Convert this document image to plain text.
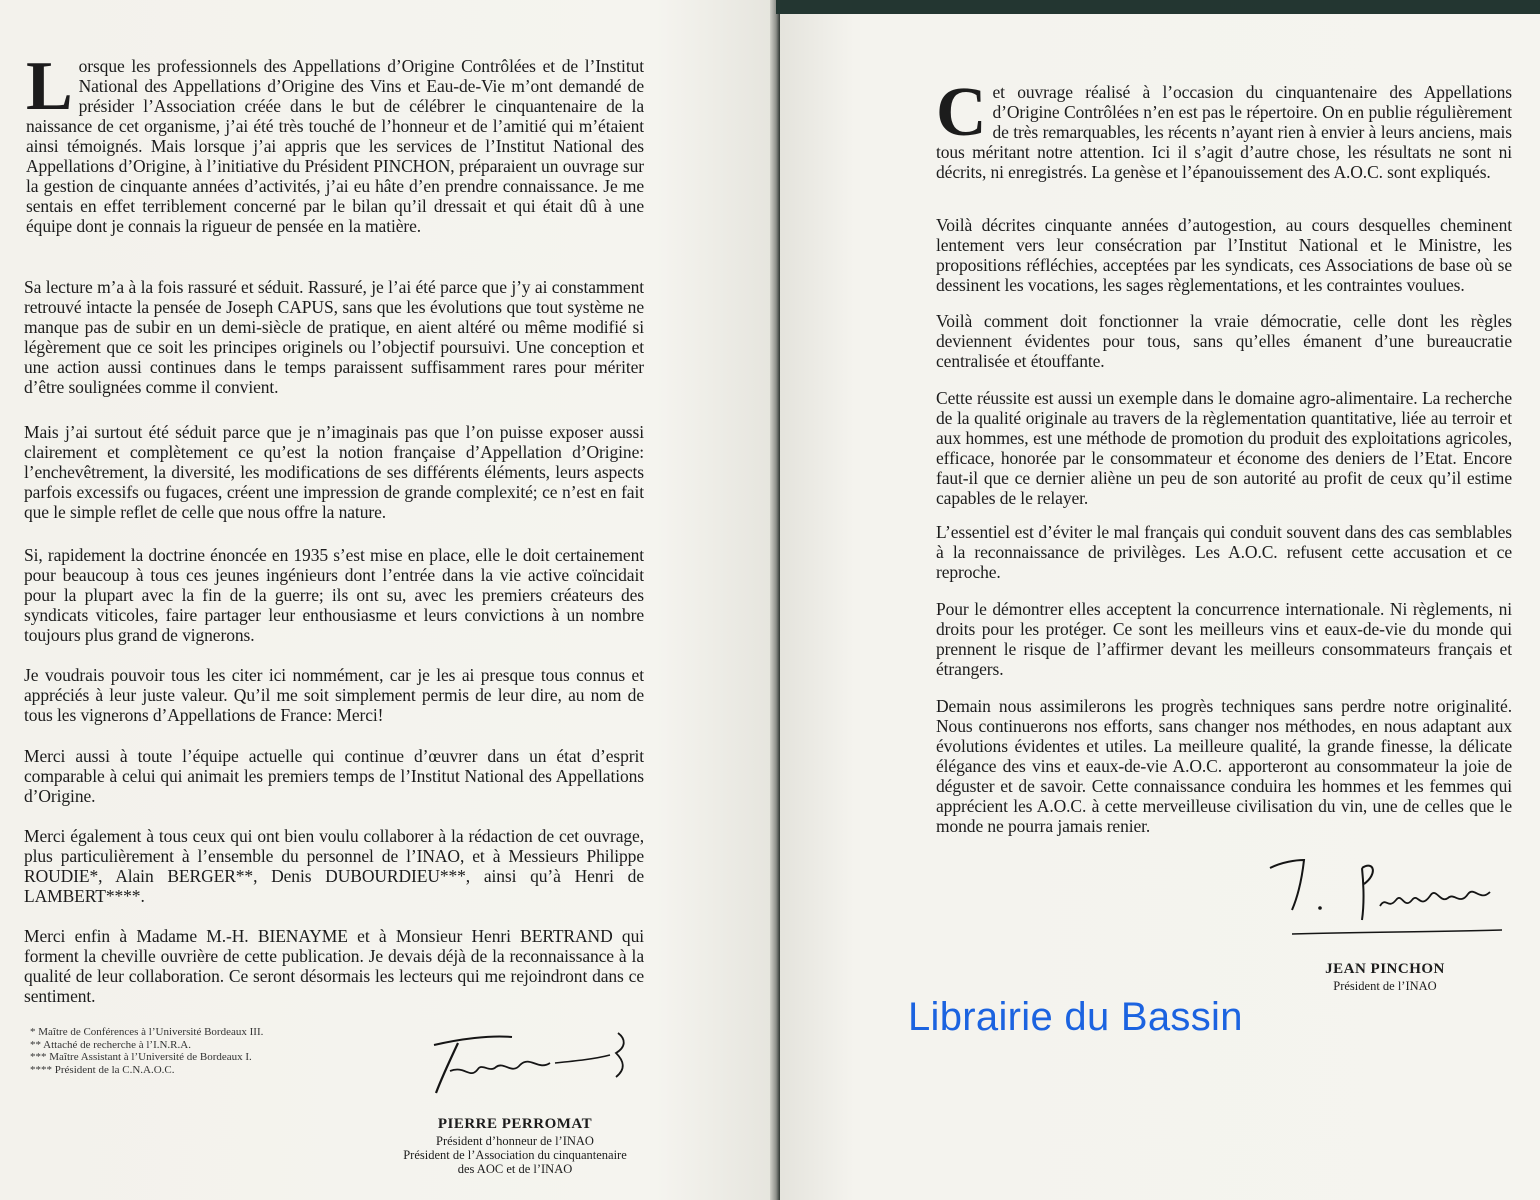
Lorsque les professionnels des Appellations d’Origine Contrôlées et de l’Institut National des Appellations d’Origine des Vins et Eau-de-Vie m’ont demandé de présider l’Association créée dans le but de célébrer le cinquantenaire de la naissance de cet organisme, j’ai été très touché de l’honneur et de l’amitié qui m’étaient ainsi témoignés. Mais lorsque j’ai appris que les services de l’Institut National des Appellations d’Origine, à l’initiative du Président PINCHON, préparaient un ouvrage sur la gestion de cinquante années d’activités, j’ai eu hâte d’en prendre connaissance. Je me sentais en effet terriblement concerné par le bilan qu’il dressait et qui était dû à une équipe dont je connais la rigueur de pensée en la matière.

Sa lecture m’a à la fois rassuré et séduit. Rassuré, je l’ai été parce que j’y ai constamment retrouvé intacte la pensée de Joseph CAPUS, sans que les évolutions que tout système ne manque pas de subir en un demi-siècle de pratique, en aient altéré ou même modifié si légèrement que ce soit les principes originels ou l’objectif poursuivi. Une conception et une action aussi continues dans le temps paraissent suffisamment rares pour mériter d’être soulignées comme il convient.

Mais j’ai surtout été séduit parce que je n’imaginais pas que l’on puisse exposer aussi clairement et complètement ce qu’est la notion française d’Appellation d’Origine: l’enchevêtrement, la diversité, les modifications de ses différents éléments, leurs aspects parfois excessifs ou fugaces, créent une impression de grande complexité; ce n’est en fait que le simple reflet de celle que nous offre la nature.

Si, rapidement la doctrine énoncée en 1935 s’est mise en place, elle le doit certainement pour beaucoup à tous ces jeunes ingénieurs dont l’entrée dans la vie active coïncidait pour la plupart avec la fin de la guerre; ils ont su, avec les premiers créateurs des syndicats viticoles, faire partager leur enthousiasme et leurs convictions à un nombre toujours plus grand de vignerons.

Je voudrais pouvoir tous les citer ici nommément, car je les ai presque tous connus et appréciés à leur juste valeur. Qu’il me soit simplement permis de leur dire, au nom de tous les vignerons d’Appellations de France: Merci!

Merci aussi à toute l’équipe actuelle qui continue d’œuvrer dans un état d’esprit comparable à celui qui animait les premiers temps de l’Institut National des Appellations d’Origine.

Merci également à tous ceux qui ont bien voulu collaborer à la rédaction de cet ouvrage, plus particulièrement à l’ensemble du personnel de l’INAO, et à Messieurs Philippe ROUDIE*, Alain BERGER**, Denis DUBOURDIEU***, ainsi qu’à Henri de LAMBERT****.

Merci enfin à Madame M.-H. BIENAYME et à Monsieur Henri BERTRAND qui forment la cheville ouvrière de cette publication. Je devais déjà de la reconnaissance à la qualité de leur collaboration. Ce seront désormais les lecteurs qui me rejoindront dans ce sentiment.

* Maître de Conférences à l’Université Bordeaux III.
** Attaché de recherche à l’I.N.R.A.
*** Maître Assistant à l’Université de Bordeaux I.
**** Président de la C.N.A.O.C.
PIERRE PERROMAT
Président d’honneur de l’INAO
Président de l’Association du cinquantenaire
des AOC et de l’INAO

Cet ouvrage réalisé à l’occasion du cinquantenaire des Appellations d’Origine Contrôlées n’en est pas le répertoire. On en publie régulièrement de très remarquables, les récents n’ayant rien à envier à leurs anciens, mais tous méritant notre attention. Ici il s’agit d’autre chose, les résultats ne sont ni décrits, ni enregistrés. La genèse et l’épanouissement des A.O.C. sont expliqués.

Voilà décrites cinquante années d’autogestion, au cours desquelles cheminent lentement vers leur consécration par l’Institut National et le Ministre, les propositions réfléchies, acceptées par les syndicats, ces Associations de base où se dessinent les vocations, les sages règlementations, et les contraintes voulues.

Voilà comment doit fonctionner la vraie démocratie, celle dont les règles deviennent évidentes pour tous, sans qu’elles émanent d’une bureaucratie centralisée et étouffante.

Cette réussite est aussi un exemple dans le domaine agro-alimentaire. La recherche de la qualité originale au travers de la règlementation quantitative, liée au terroir et aux hommes, est une méthode de promotion du produit des exploitations agricoles, efficace, honorée par le consommateur et économe des deniers de l’Etat. Encore faut-il que ce dernier aliène un peu de son autorité au profit de ceux qu’il estime capables de le relayer.

L’essentiel est d’éviter le mal français qui conduit souvent dans des cas semblables à la reconnaissance de privilèges. Les A.O.C. refusent cette accusation et ce reproche.

Pour le démontrer elles acceptent la concurrence internationale. Ni règlements, ni droits pour les protéger. Ce sont les meilleurs vins et eaux-de-vie du monde qui prennent le risque de l’affirmer devant les meilleurs consommateurs français et étrangers.

Demain nous assimilerons les progrès techniques sans perdre notre originalité. Nous continuerons nos efforts, sans changer nos méthodes, en nous adaptant aux évolutions évidentes et utiles. La meilleure qualité, la grande finesse, la délicate élégance des vins et eaux-de-vie A.O.C. apporteront au consommateur la joie de déguster et de savoir. Cette connaissance conduira les hommes et les femmes qui apprécient les A.O.C. à cette merveilleuse civilisation du vin, une de celles que le monde ne pourra jamais renier.

JEAN PINCHON
Président de l’INAO
Librairie du Bassin
